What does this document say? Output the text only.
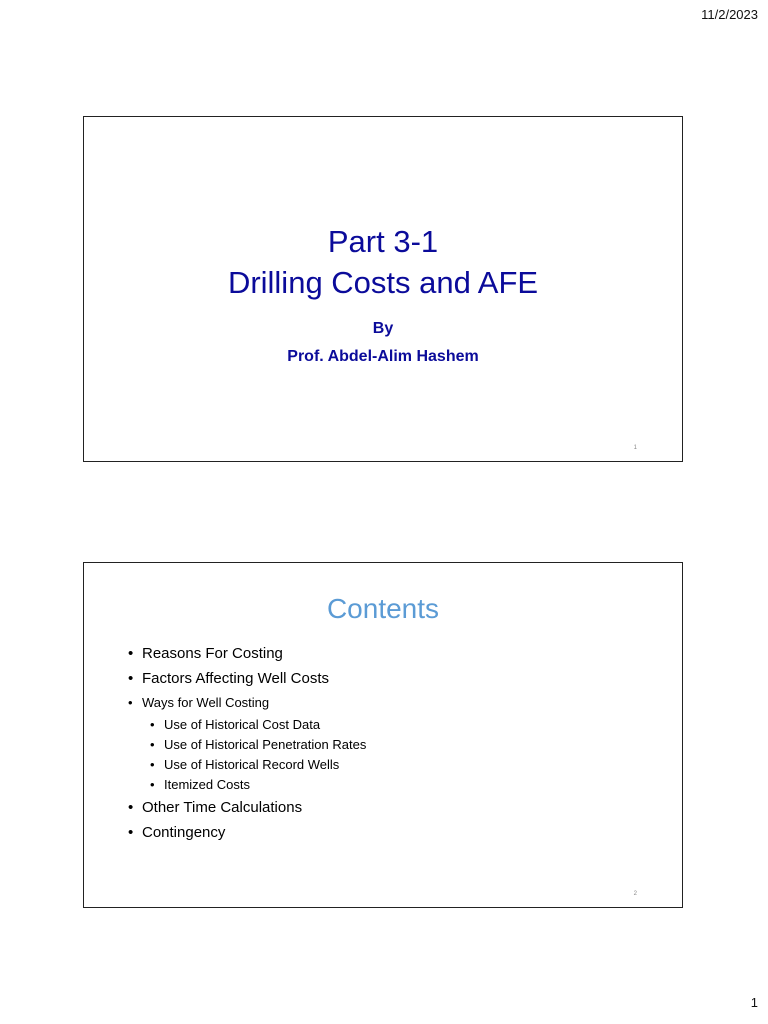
11/2/2023
Part 3-1
Drilling Costs and AFE
By
Prof. Abdel-Alim Hashem
1
Contents
• Reasons For Costing
• Factors Affecting Well Costs
• Ways for Well Costing
• Use of Historical Cost Data
• Use of Historical Penetration Rates
• Use of Historical Record Wells
• Itemized Costs
• Other Time Calculations
• Contingency
2
1
